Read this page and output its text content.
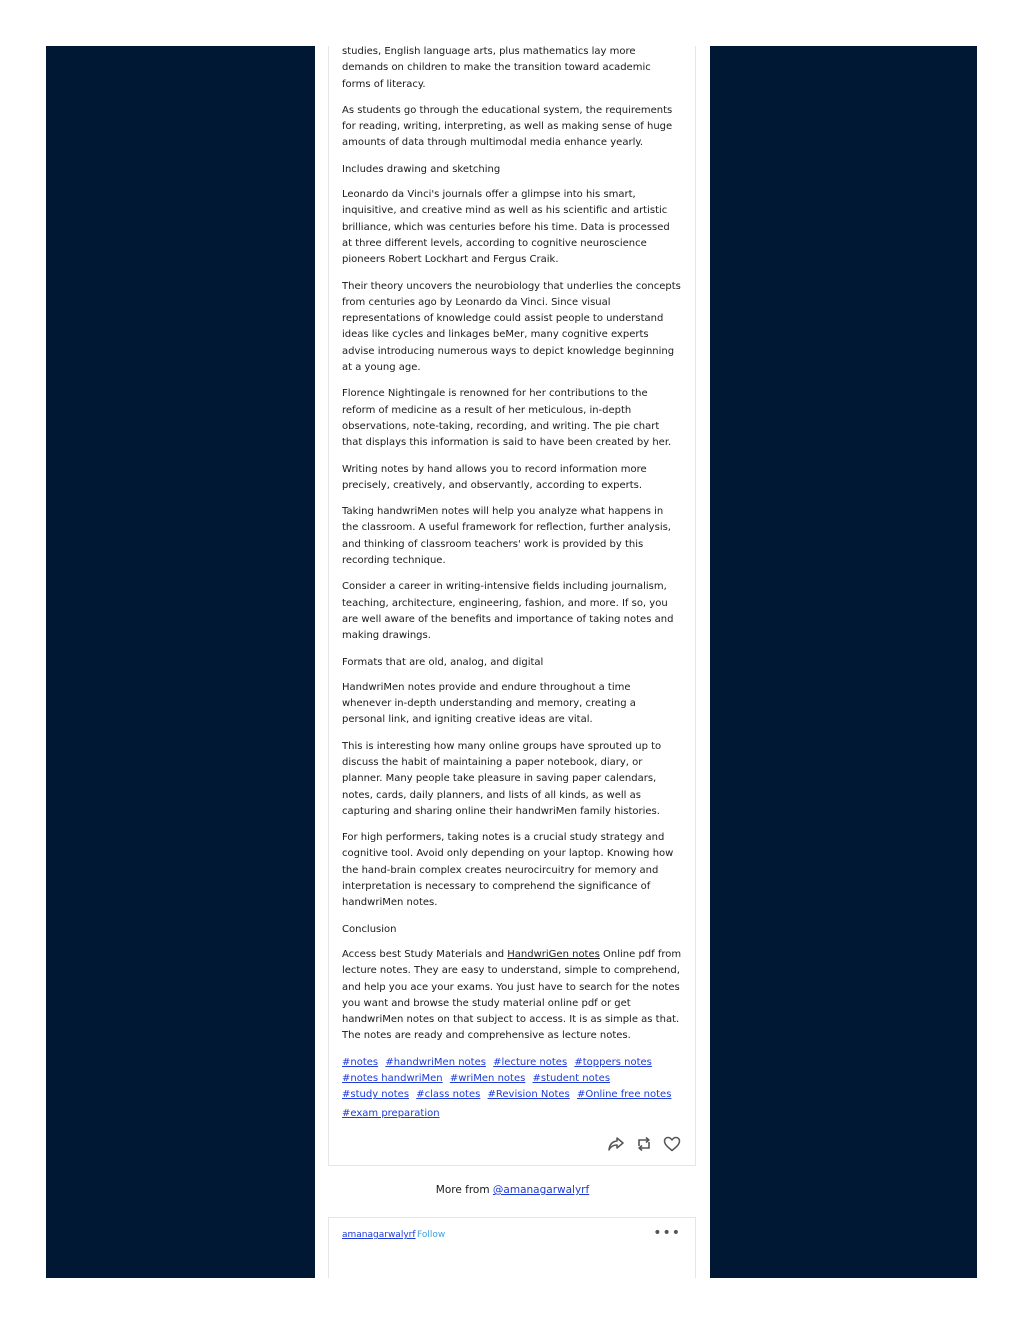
studies, English language arts, plus mathematics lay more demands on children to make the transition toward academic forms of literacy.

As students go through the educational system, the requirements for reading, writing, interpreting, as well as making sense of huge amounts of data through multimodal media enhance yearly.

Includes drawing and sketching

Leonardo da Vinci's journals offer a glimpse into his smart, inquisitive, and creative mind as well as his scientific and artistic brilliance, which was centuries before his time. Data is processed at three different levels, according to cognitive neuroscience pioneers Robert Lockhart and Fergus Craik.

Their theory uncovers the neurobiology that underlies the concepts from centuries ago by Leonardo da Vinci. Since visual representations of knowledge could assist people to understand ideas like cycles and linkages beMer, many cognitive experts advise introducing numerous ways to depict knowledge beginning at a young age.

Florence Nightingale is renowned for her contributions to the reform of medicine as a result of her meticulous, in-depth observations, note-taking, recording, and writing. The pie chart that displays this information is said to have been created by her.

Writing notes by hand allows you to record information more precisely, creatively, and observantly, according to experts.

Taking handwriMen notes will help you analyze what happens in the classroom. A useful framework for reflection, further analysis, and thinking of classroom teachers' work is provided by this recording technique.

Consider a career in writing-intensive fields including journalism, teaching, architecture, engineering, fashion, and more. If so, you are well aware of the benefits and importance of taking notes and making drawings.

Formats that are old, analog, and digital

HandwriMen notes provide and endure throughout a time whenever in-depth understanding and memory, creating a personal link, and igniting creative ideas are vital.

This is interesting how many online groups have sprouted up to discuss the habit of maintaining a paper notebook, diary, or planner. Many people take pleasure in saving paper calendars, notes, cards, daily planners, and lists of all kinds, as well as capturing and sharing online their handwriMen family histories.

For high performers, taking notes is a crucial study strategy and cognitive tool. Avoid only depending on your laptop. Knowing how the hand-brain complex creates neurocircuitry for memory and interpretation is necessary to comprehend the significance of handwriMen notes.

Conclusion

Access best Study Materials and HandwriGen notes Online pdf from lecture notes. They are easy to understand, simple to comprehend, and help you ace your exams. You just have to search for the notes you want and browse the study material online pdf or get handwriMen notes on that subject to access. It is as simple as that. The notes are ready and comprehensive as lecture notes.

#notes #handwriMen notes #lecture notes #toppers notes #notes handwriMen #wriMen notes #student notes #study notes #class notes #Revision Notes #Online free notes
#exam preparation
More from @amanagarwalyrf
amanagarwalyrf Follow	•••
